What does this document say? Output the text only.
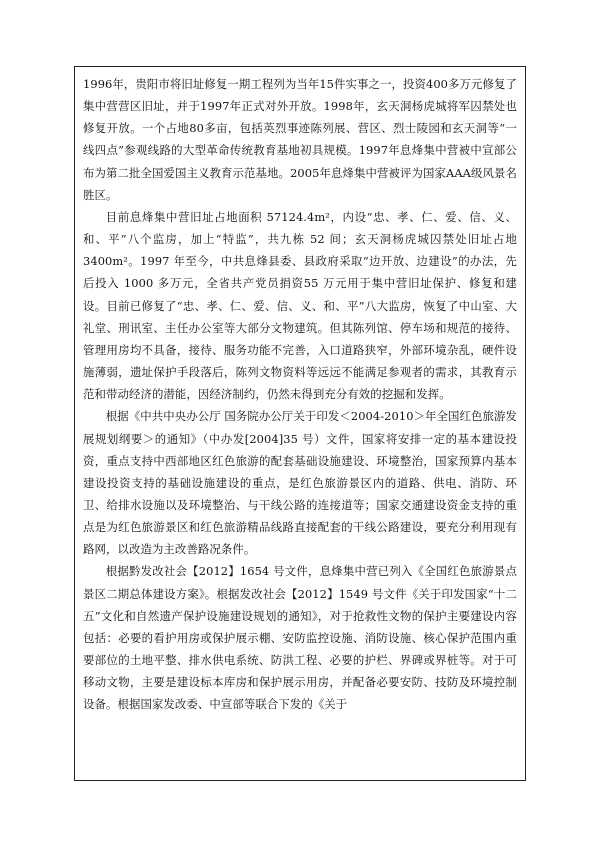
1996年，贵阳市将旧址修复一期工程列为当年15件实事之一，投资400多万元修复了集中营营区旧址，并于1997年正式对外开放。1998年，玄天洞杨虎城将军囚禁处也修复开放。一个占地80多亩，包括英烈事迹陈列展、营区、烈士陵园和玄天洞等“一线四点”参观线路的大型革命传统教育基地初具规模。1997年息烽集中营被中宣部公布为第二批全国爱国主义教育示范基地。2005年息烽集中营被评为国家AAA级风景名胜区。

目前息烽集中营旧址占地面积 57124.4m²，内设“忠、孝、仁、爱、信、义、和、平”八个监房，加上“特监”，共九栋 52 间；玄天洞杨虎城囚禁处旧址占地3400m²。1997 年至今，中共息烽县委、县政府采取“边开放、边建设”的办法，先后投入 1000 多万元，全省共产党员捐资55 万元用于集中营旧址保护、修复和建设。目前已修复了“忠、孝、仁、爱、信、义、和、平”八大监房，恢复了中山室、大礼堂、刑讯室、主任办公室等大部分文物建筑。但其陈列馆、停车场和规范的接待、管理用房均不具备，接待、服务功能不完善，入口道路狭窄，外部环境杂乱，硬件设施薄弱，遗址保护手段落后，陈列文物资料等远远不能满足参观者的需求，其教育示范和带动经济的潜能，因经济制约，仍然未得到充分有效的挖掘和发挥。

根据《中共中央办公厅 国务院办公厅关于印发＜2004-2010＞年全国红色旅游发展规划纲要＞的通知》（中办发[2004]35 号）文件，国家将安排一定的基本建设投资，重点支持中西部地区红色旅游的配套基础设施建设、环境整治，国家预算内基本建设投资支持的基础设施建设的重点，是红色旅游景区内的道路、供电、消防、环卫、给排水设施以及环境整治、与干线公路的连接道等；国家交通建设资金支持的重点是为红色旅游景区和红色旅游精品线路直接配套的干线公路建设，要充分利用现有路网，以改造为主改善路况条件。

根据黔发改社会【2012】1654 号文件，息烽集中营已列入《全国红色旅游景点景区二期总体建设方案》。根据发改社会【2012】1549 号文件《关于印发国家“十二五”文化和自然遗产保护设施建设规划的通知》，对于抢救性文物的保护主要建设内容包括：必要的看护用房或保护展示棚、安防监控设施、消防设施、核心保护范围内重要部位的土地平整、排水供电系统、防洪工程、必要的护栏、界碑或界桩等。对于可移动文物，主要是建设标本库房和保护展示用房，并配备必要安防、技防及环境控制设备。根据国家发改委、中宣部等联合下发的《关于
